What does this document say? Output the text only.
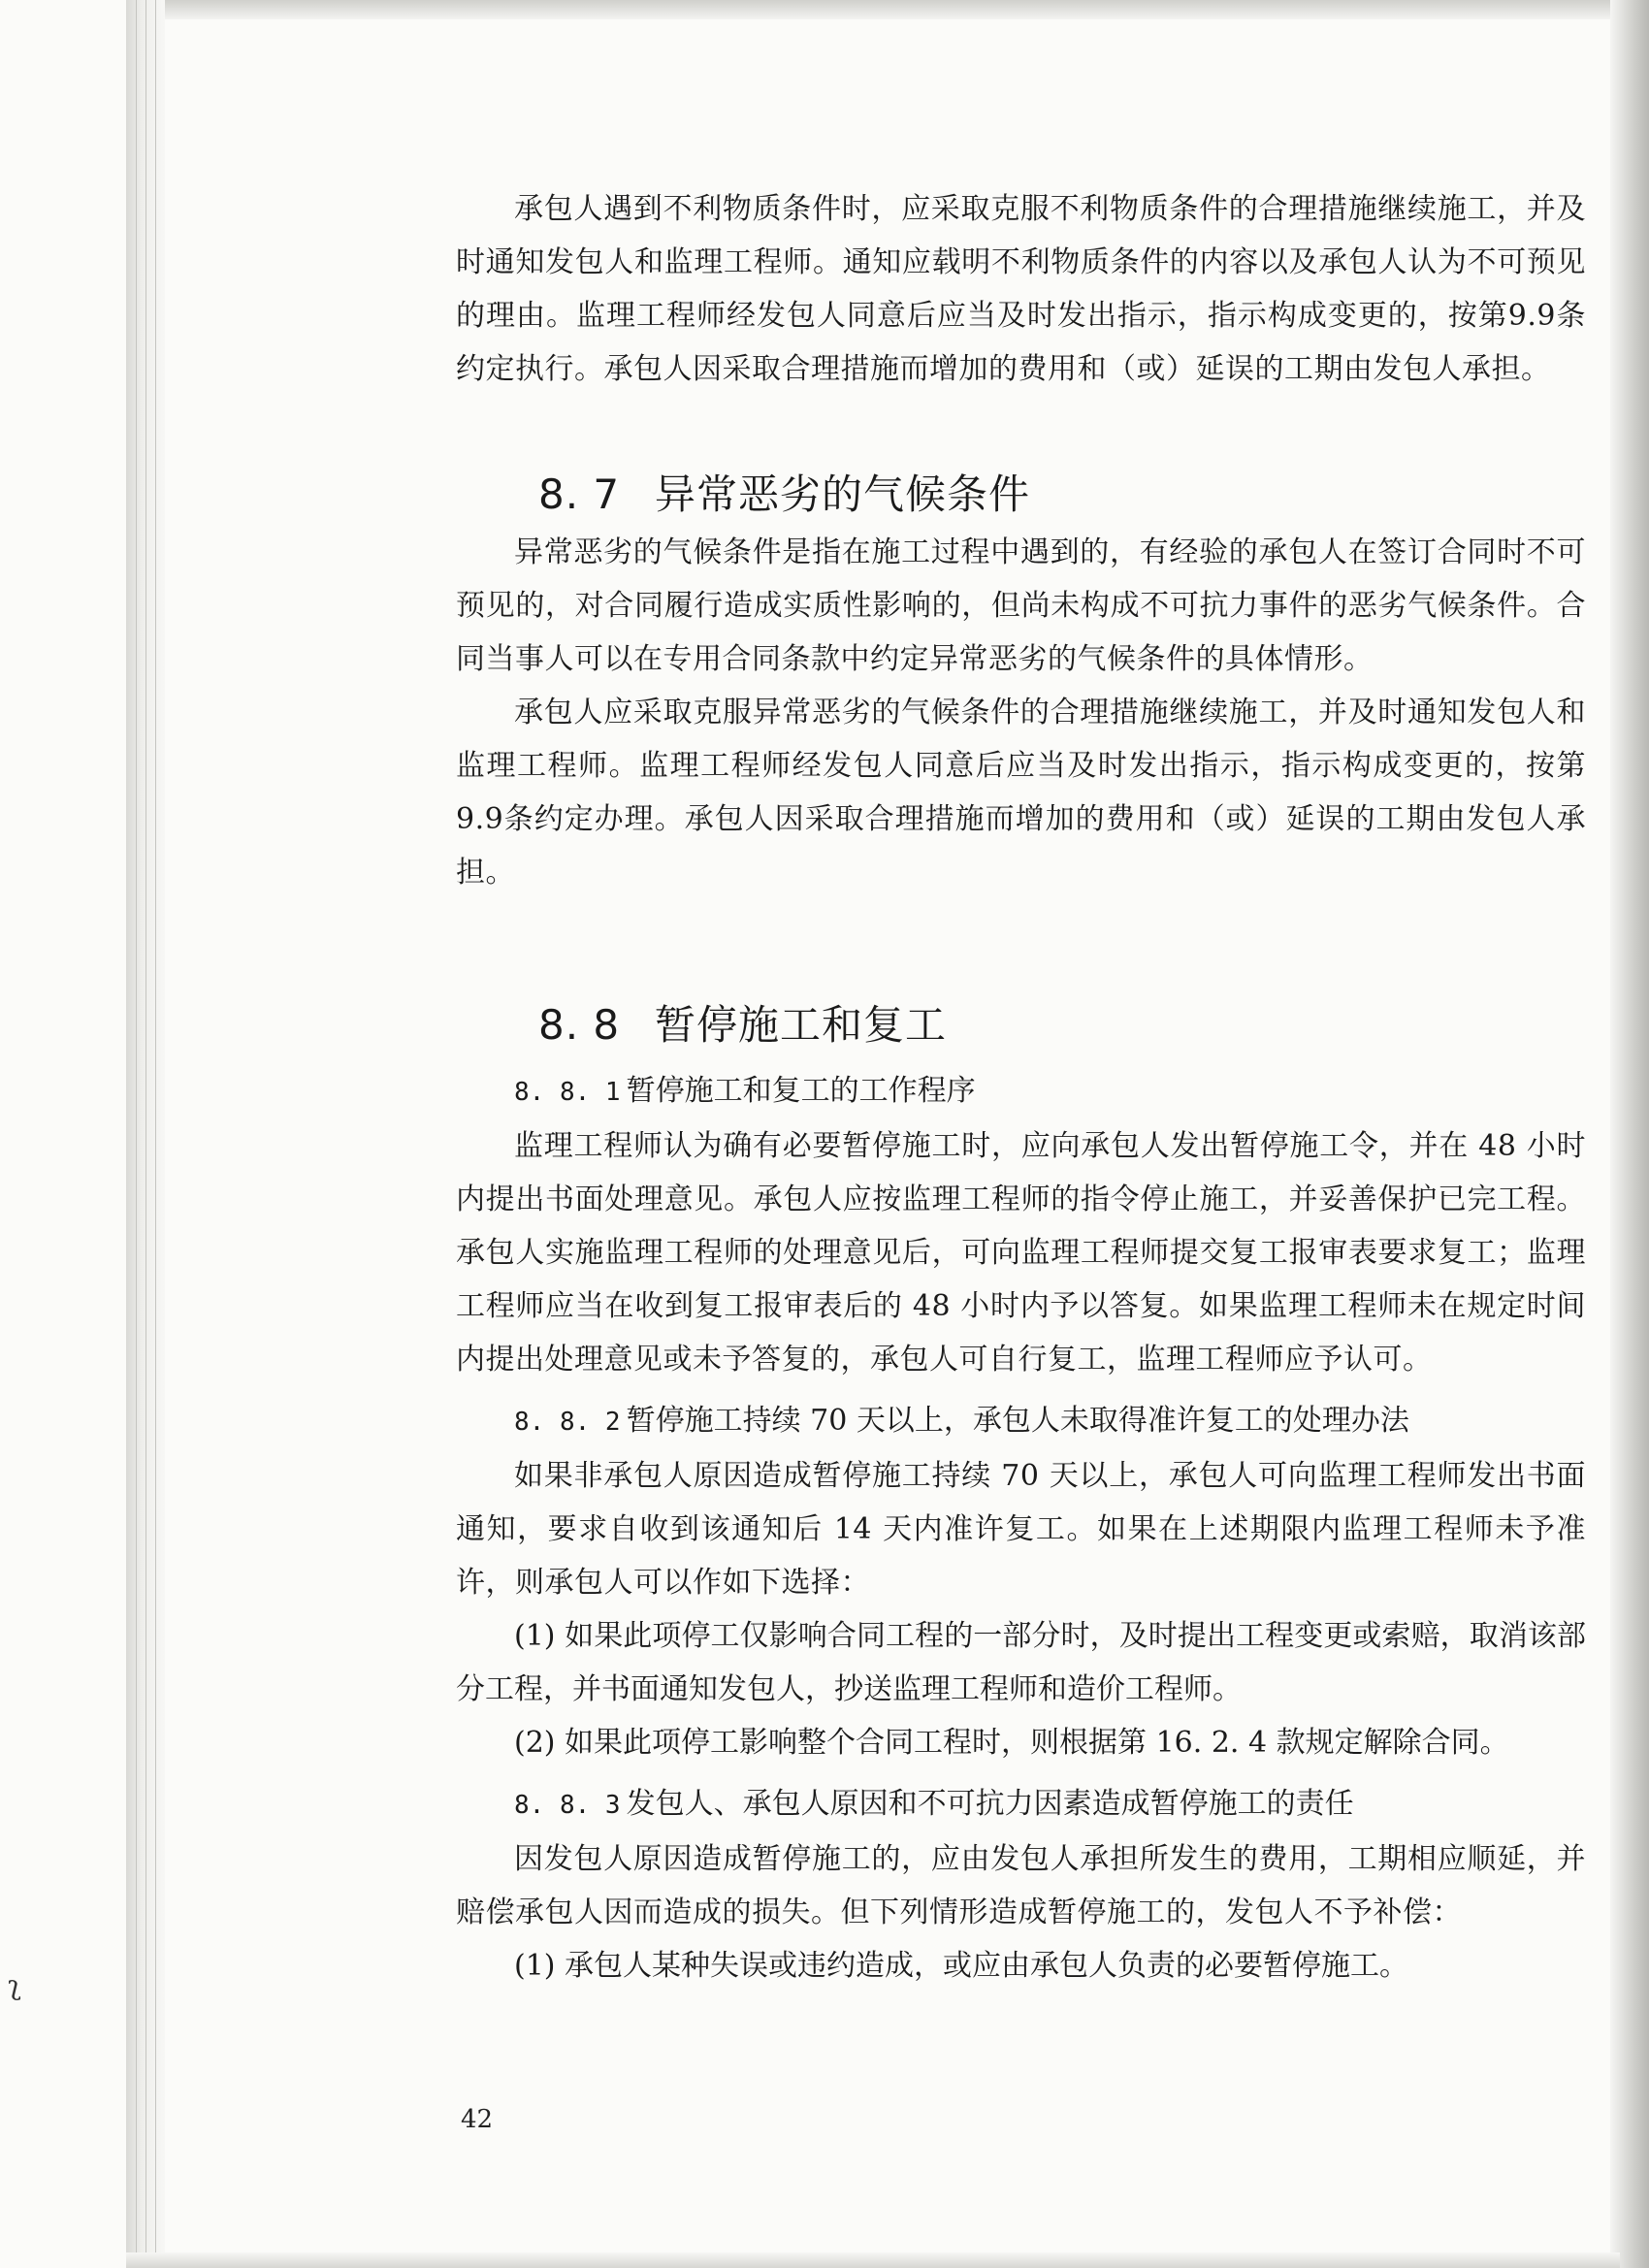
ʅ

承包人遇到不利物质条件时，应采取克服不利物质条件的合理措施继续施工，并及时通知发包人和监理工程师。通知应载明不利物质条件的内容以及承包人认为不可预见的理由。监理工程师经发包人同意后应当及时发出指示，指示构成变更的，按第9.9条约定执行。承包人因采取合理措施而增加的费用和（或）延误的工期由发包人承担。

8. 7 异常恶劣的气候条件

异常恶劣的气候条件是指在施工过程中遇到的，有经验的承包人在签订合同时不可预见的，对合同履行造成实质性影响的，但尚未构成不可抗力事件的恶劣气候条件。合同当事人可以在专用合同条款中约定异常恶劣的气候条件的具体情形。

承包人应采取克服异常恶劣的气候条件的合理措施继续施工，并及时通知发包人和监理工程师。监理工程师经发包人同意后应当及时发出指示，指示构成变更的，按第9.9条约定办理。承包人因采取合理措施而增加的费用和（或）延误的工期由发包人承担。

8. 8 暂停施工和复工
8. 8. 1 暂停施工和复工的工作程序

监理工程师认为确有必要暂停施工时，应向承包人发出暂停施工令，并在 48 小时内提出书面处理意见。承包人应按监理工程师的指令停止施工，并妥善保护已完工程。承包人实施监理工程师的处理意见后，可向监理工程师提交复工报审表要求复工；监理工程师应当在收到复工报审表后的 48 小时内予以答复。如果监理工程师未在规定时间内提出处理意见或未予答复的，承包人可自行复工，监理工程师应予认可。

8. 8. 2 暂停施工持续 70 天以上，承包人未取得准许复工的处理办法

如果非承包人原因造成暂停施工持续 70 天以上，承包人可向监理工程师发出书面通知，要求自收到该通知后 14 天内准许复工。如果在上述期限内监理工程师未予准许，则承包人可以作如下选择：

(1) 如果此项停工仅影响合同工程的一部分时，及时提出工程变更或索赔，取消该部分工程，并书面通知发包人，抄送监理工程师和造价工程师。

(2) 如果此项停工影响整个合同工程时，则根据第 16. 2. 4 款规定解除合同。

8. 8. 3 发包人、承包人原因和不可抗力因素造成暂停施工的责任

因发包人原因造成暂停施工的，应由发包人承担所发生的费用，工期相应顺延，并赔偿承包人因而造成的损失。但下列情形造成暂停施工的，发包人不予补偿：

(1) 承包人某种失误或违约造成，或应由承包人负责的必要暂停施工。

42
